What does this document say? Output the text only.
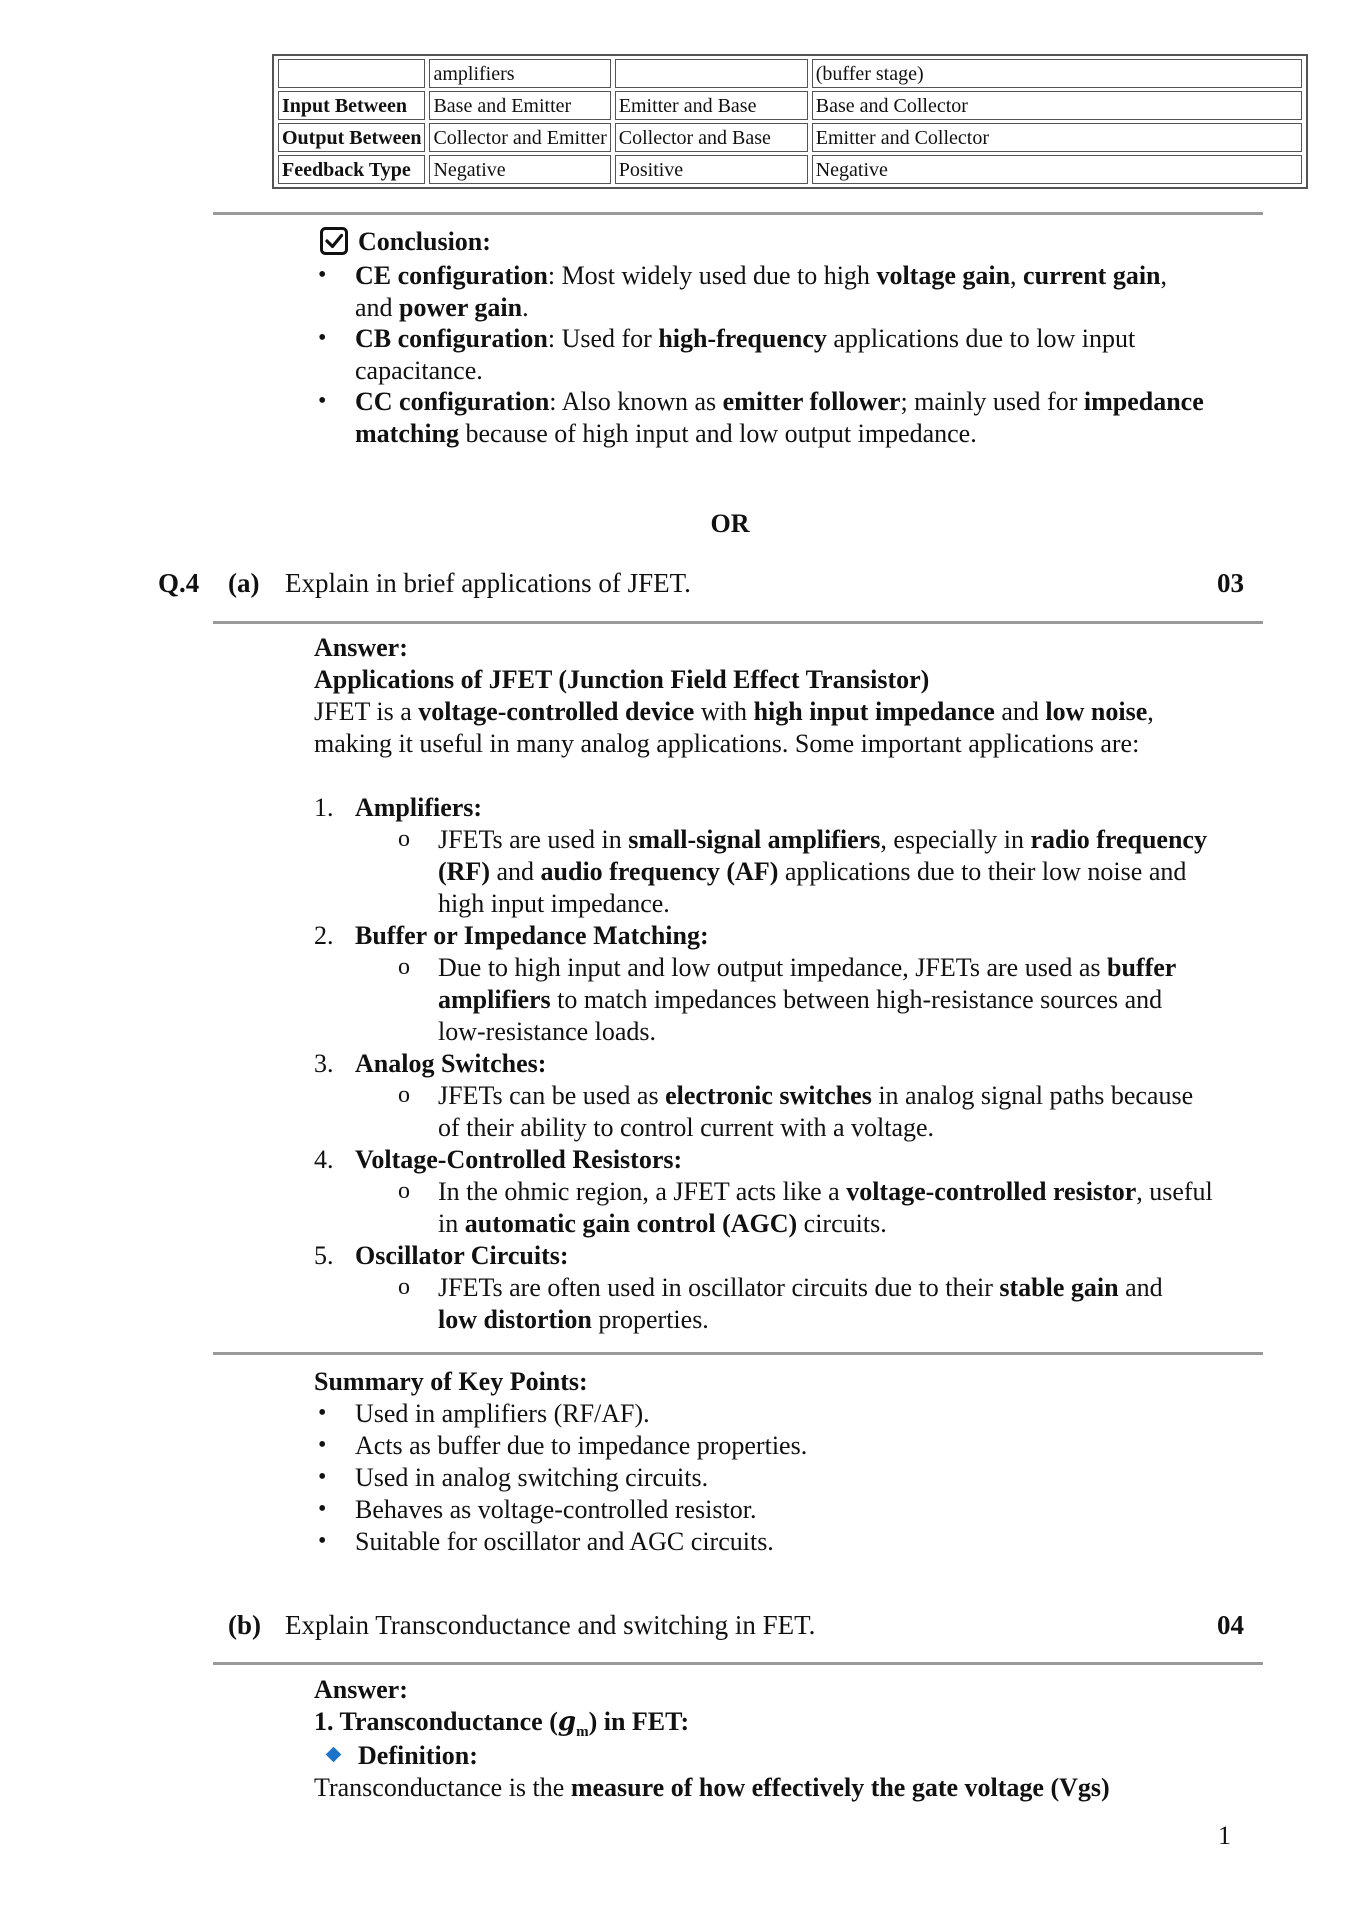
	amplifiers		(buffer stage)
Input Between	Base and Emitter	Emitter and Base	Base and Collector
Output Between	Collector and Emitter	Collector and Base	Emitter and Collector
Feedback Type	Negative	Positive	Negative
Conclusion:
• CE configuration: Most widely used due to high voltage gain, current gain, and power gain.
• CB configuration: Used for high-frequency applications due to low input capacitance.
• CC configuration: Also known as emitter follower; mainly used for impedance matching because of high input and low output impedance.
OR
Q.4 (a) Explain in brief applications of JFET.	03
Answer:
Applications of JFET (Junction Field Effect Transistor)
JFET is a voltage-controlled device with high input impedance and low noise, making it useful in many analog applications. Some important applications are:
1. Amplifiers:
o JFETs are used in small-signal amplifiers, especially in radio frequency (RF) and audio frequency (AF) applications due to their low noise and high input impedance.
2. Buffer or Impedance Matching:
o Due to high input and low output impedance, JFETs are used as buffer amplifiers to match impedances between high-resistance sources and low-resistance loads.
3. Analog Switches:
o JFETs can be used as electronic switches in analog signal paths because of their ability to control current with a voltage.
4. Voltage-Controlled Resistors:
o In the ohmic region, a JFET acts like a voltage-controlled resistor, useful in automatic gain control (AGC) circuits.
5. Oscillator Circuits:
o JFETs are often used in oscillator circuits due to their stable gain and low distortion properties.
Summary of Key Points:
• Used in amplifiers (RF/AF).
• Acts as buffer due to impedance properties.
• Used in analog switching circuits.
• Behaves as voltage-controlled resistor.
• Suitable for oscillator and AGC circuits.
(b) Explain Transconductance and switching in FET.	04
Answer:
1. Transconductance $(g_m)$ in FET:
Definition:
Transconductance is the measure of how effectively the gate voltage (Vgs)
1
